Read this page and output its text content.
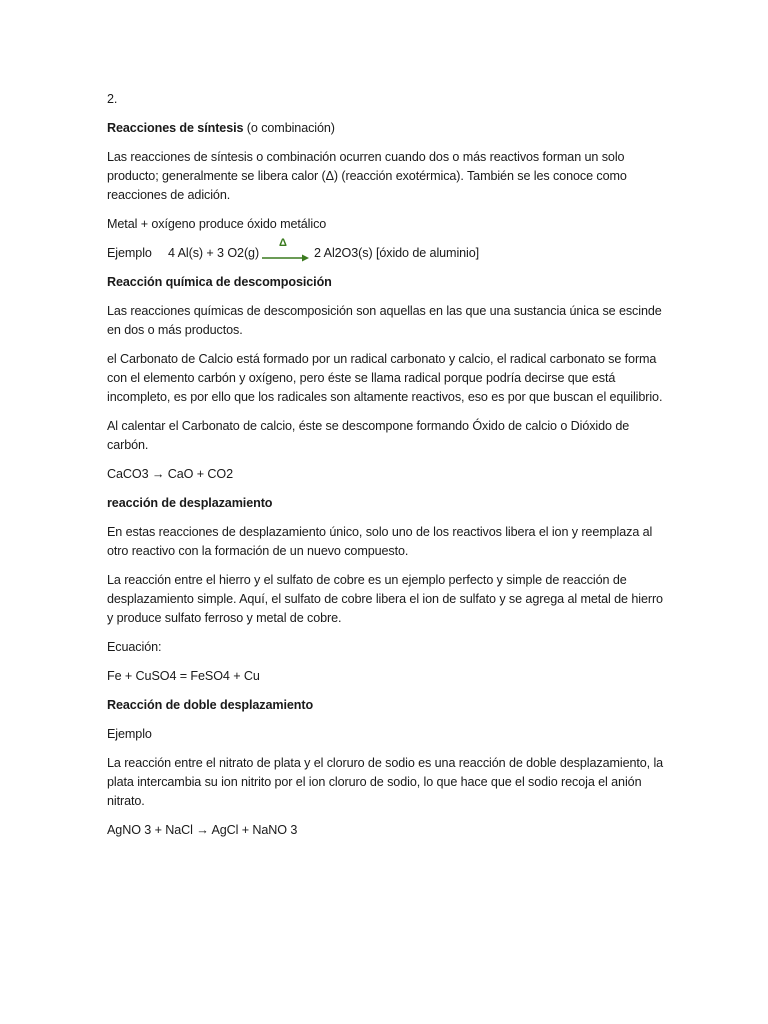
2.
Reacciones de síntesis (o combinación)
Las reacciones de síntesis o combinación ocurren cuando dos o más reactivos forman un solo producto; generalmente se libera calor (Δ) (reacción exotérmica). También se les conoce como reacciones de adición.
Metal + oxígeno produce óxido metálico
Ejemplo	4 Al(s) + 3 O2(g)
Δ
2 Al2O3(s) [óxido de aluminio]
Reacción química de descomposición
Las reacciones químicas de descomposición son aquellas en las que una sustancia única se escinde en dos o más productos.
el Carbonato de Calcio está formado por un radical carbonato y calcio, el radical carbonato se forma con el elemento carbón y oxígeno, pero éste se llama radical porque podría decirse que está incompleto, es por ello que los radicales son altamente reactivos, eso es por que buscan el equilibrio.
Al calentar el Carbonato de calcio, éste se descompone formando Óxido de calcio o Dióxido de carbón.
CaCO3 → CaO + CO2
reacción de desplazamiento
En estas reacciones de desplazamiento único, solo uno de los reactivos libera el ion y reemplaza al otro reactivo con la formación de un nuevo compuesto.
La reacción entre el hierro y el sulfato de cobre es un ejemplo perfecto y simple de reacción de desplazamiento simple. Aquí, el sulfato de cobre libera el ion de sulfato y se agrega al metal de hierro y produce sulfato ferroso y metal de cobre.
Ecuación:
Fe + CuSO4 = FeSO4 + Cu
Reacción de doble desplazamiento
Ejemplo
La reacción entre el nitrato de plata y el cloruro de sodio es una reacción de doble desplazamiento, la plata intercambia su ion nitrito por el ion cloruro de sodio, lo que hace que el sodio recoja el anión nitrato.
AgNO 3 + NaCl → AgCl + NaNO 3
